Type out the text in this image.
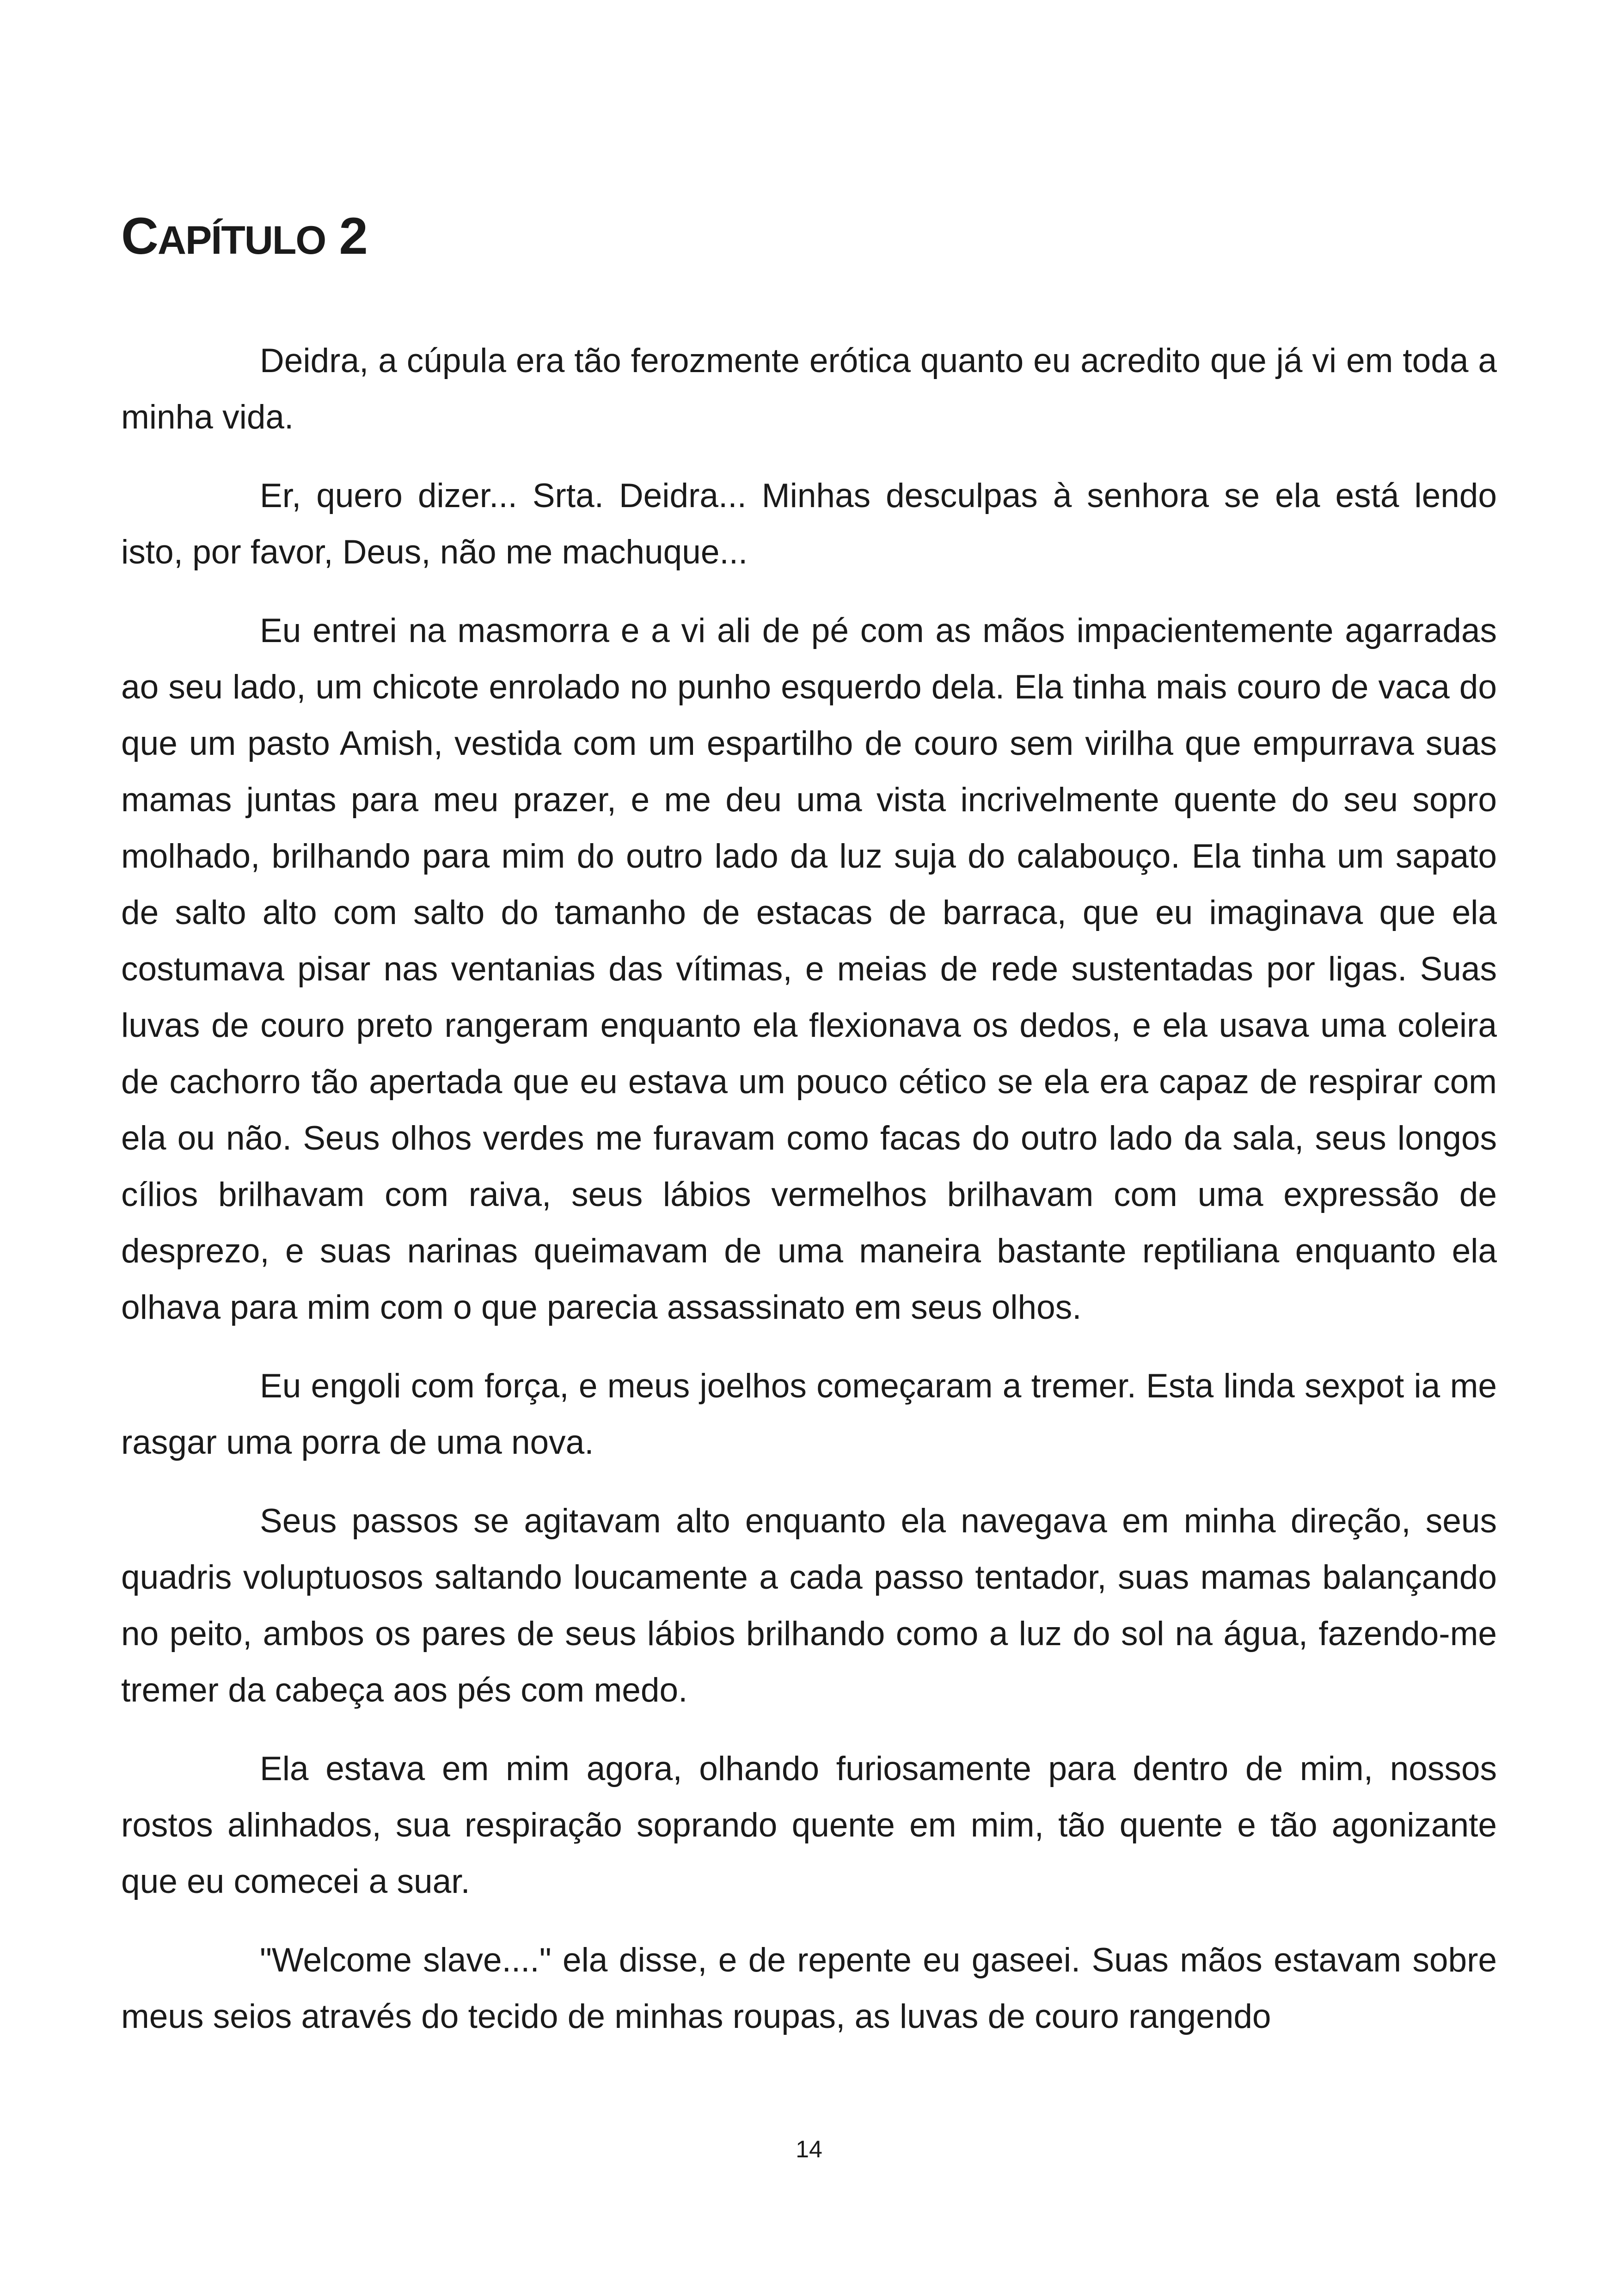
CAPÍTULO 2

Deidra, a cúpula era tão ferozmente erótica quanto eu acredito que já vi em toda a minha vida.

Er, quero dizer... Srta. Deidra... Minhas desculpas à senhora se ela está lendo isto, por favor, Deus, não me machuque...

Eu entrei na masmorra e a vi ali de pé com as mãos impacientemente agarradas ao seu lado, um chicote enrolado no punho esquerdo dela. Ela tinha mais couro de vaca do que um pasto Amish, vestida com um espartilho de couro sem virilha que empurrava suas mamas juntas para meu prazer, e me deu uma vista incrivelmente quente do seu sopro molhado, brilhando para mim do outro lado da luz suja do calabouço. Ela tinha um sapato de salto alto com salto do tamanho de estacas de barraca, que eu imaginava que ela costumava pisar nas ventanias das vítimas, e meias de rede sustentadas por ligas. Suas luvas de couro preto rangeram enquanto ela flexionava os dedos, e ela usava uma coleira de cachorro tão apertada que eu estava um pouco cético se ela era capaz de respirar com ela ou não. Seus olhos verdes me furavam como facas do outro lado da sala, seus longos cílios brilhavam com raiva, seus lábios vermelhos brilhavam com uma expressão de desprezo, e suas narinas queimavam de uma maneira bastante reptiliana enquanto ela olhava para mim com o que parecia assassinato em seus olhos.

Eu engoli com força, e meus joelhos começaram a tremer. Esta linda sexpot ia me rasgar uma porra de uma nova.

Seus passos se agitavam alto enquanto ela navegava em minha direção, seus quadris voluptuosos saltando loucamente a cada passo tentador, suas mamas balançando no peito, ambos os pares de seus lábios brilhando como a luz do sol na água, fazendo-me tremer da cabeça aos pés com medo.

Ela estava em mim agora, olhando furiosamente para dentro de mim, nossos rostos alinhados, sua respiração soprando quente em mim, tão quente e tão agonizante que eu comecei a suar.

"Welcome slave...." ela disse, e de repente eu gaseei. Suas mãos estavam sobre meus seios através do tecido de minhas roupas, as luvas de couro rangendo

14
